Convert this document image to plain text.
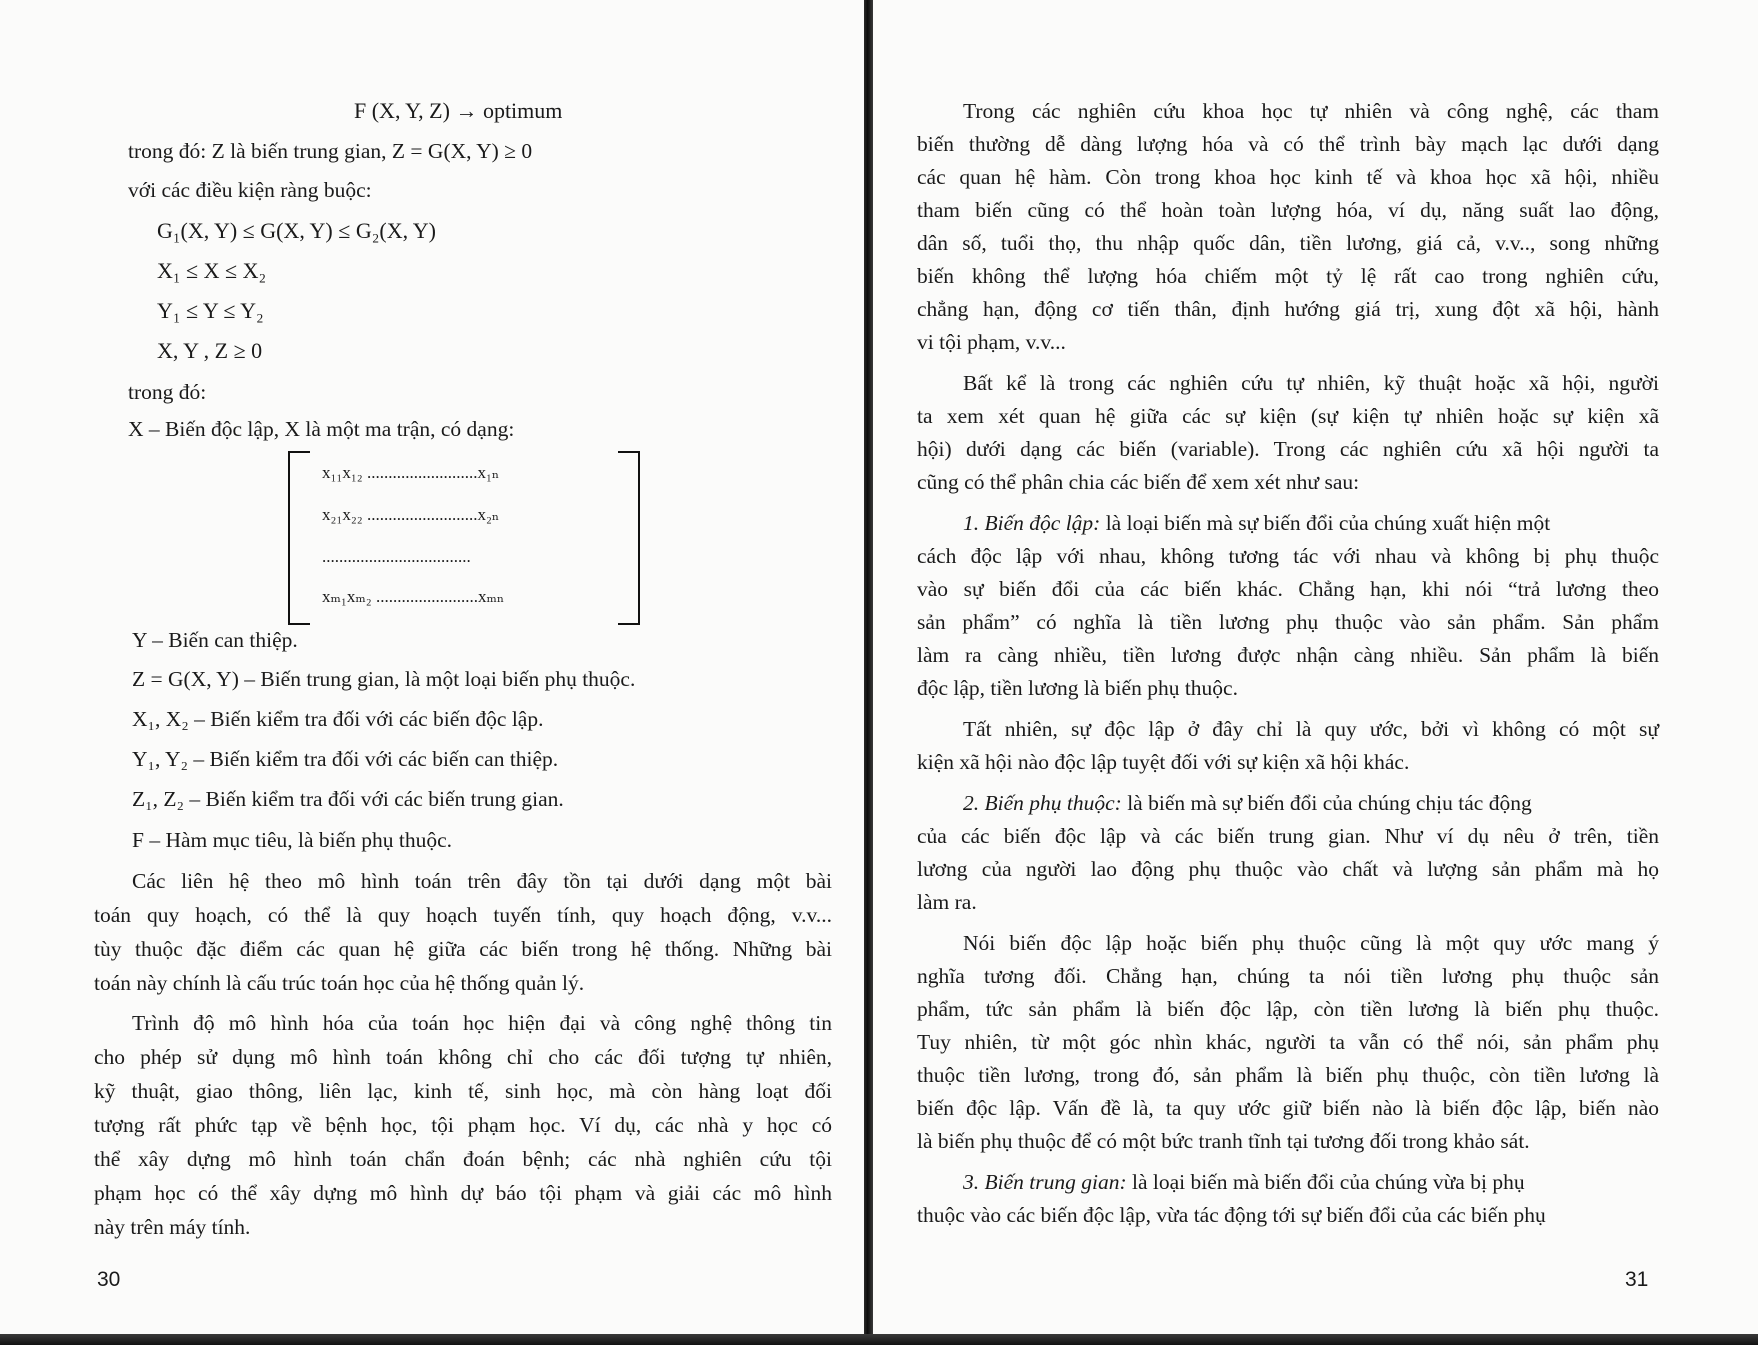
F (X, Y, Z) → optimum
trong đó: Z là biến trung gian, Z = G(X, Y) ≥ 0
với các điều kiện ràng buộc:
G₁(X, Y) ≤ G(X, Y) ≤ G₂(X, Y)
X₁ ≤ X ≤ X₂
Y₁ ≤ Y ≤ Y₂
X, Y , Z ≥ 0
trong đó:
X – Biến độc lập, X là một ma trận, có dạng:
x₁₁x₁₂ ..........................x₁ₙ
x₂₁x₂₂ ..........................x₂ₙ
...................................
xₘ₁xₘ₂ ........................xₘₙ
Y – Biến can thiệp.
Z = G(X, Y) – Biến trung gian, là một loại biến phụ thuộc.
X₁, X₂ – Biến kiểm tra đối với các biến độc lập.
Y₁, Y₂ – Biến kiểm tra đối với các biến can thiệp.
Z₁, Z₂ – Biến kiểm tra đối với các biến trung gian.
F – Hàm mục tiêu, là biến phụ thuộc.
Các liên hệ theo mô hình toán trên đây tồn tại dưới dạng một bài
toán quy hoạch, có thể là quy hoạch tuyến tính, quy hoạch động, v.v...
tùy thuộc đặc điểm các quan hệ giữa các biến trong hệ thống. Những bài
toán này chính là cấu trúc toán học của hệ thống quản lý.
Trình độ mô hình hóa của toán học hiện đại và công nghệ thông tin
cho phép sử dụng mô hình toán không chỉ cho các đối tượng tự nhiên,
kỹ thuật, giao thông, liên lạc, kinh tế, sinh học, mà còn hàng loạt đối
tượng rất phức tạp về bệnh học, tội phạm học. Ví dụ, các nhà y học có
thể xây dựng mô hình toán chẩn đoán bệnh; các nhà nghiên cứu tội
phạm học có thể xây dựng mô hình dự báo tội phạm và giải các mô hình
này trên máy tính.
30
Trong các nghiên cứu khoa học tự nhiên và công nghệ, các tham
biến thường dễ dàng lượng hóa và có thể trình bày mạch lạc dưới dạng
các quan hệ hàm. Còn trong khoa học kinh tế và khoa học xã hội, nhiều
tham biến cũng có thể hoàn toàn lượng hóa, ví dụ, năng suất lao động,
dân số, tuổi thọ, thu nhập quốc dân, tiền lương, giá cả, v.v.., song những
biến không thể lượng hóa chiếm một tỷ lệ rất cao trong nghiên cứu,
chẳng hạn, động cơ tiến thân, định hướng giá trị, xung đột xã hội, hành
vi tội phạm, v.v...
Bất kể là trong các nghiên cứu tự nhiên, kỹ thuật hoặc xã hội, người
ta xem xét quan hệ giữa các sự kiện (sự kiện tự nhiên hoặc sự kiện xã
hội) dưới dạng các biến (variable). Trong các nghiên cứu xã hội người ta
cũng có thể phân chia các biến để xem xét như sau:
1. Biến độc lập: là loại biến mà sự biến đổi của chúng xuất hiện một
cách độc lập với nhau, không tương tác với nhau và không bị phụ thuộc
vào sự biến đổi của các biến khác. Chẳng hạn, khi nói “trả lương theo
sản phẩm” có nghĩa là tiền lương phụ thuộc vào sản phẩm. Sản phẩm
làm ra càng nhiều, tiền lương được nhận càng nhiều. Sản phẩm là biến
độc lập, tiền lương là biến phụ thuộc.
Tất nhiên, sự độc lập ở đây chỉ là quy ước, bởi vì không có một sự
kiện xã hội nào độc lập tuyệt đối với sự kiện xã hội khác.
2. Biến phụ thuộc: là biến mà sự biến đổi của chúng chịu tác động
của các biến độc lập và các biến trung gian. Như ví dụ nêu ở trên, tiền
lương của người lao động phụ thuộc vào chất và lượng sản phẩm mà họ
làm ra.
Nói biến độc lập hoặc biến phụ thuộc cũng là một quy ước mang ý
nghĩa tương đối. Chẳng hạn, chúng ta nói tiền lương phụ thuộc sản
phẩm, tức sản phẩm là biến độc lập, còn tiền lương là biến phụ thuộc.
Tuy nhiên, từ một góc nhìn khác, người ta vẫn có thể nói, sản phẩm phụ
thuộc tiền lương, trong đó, sản phẩm là biến phụ thuộc, còn tiền lương là
biến độc lập. Vấn đề là, ta quy ước giữ biến nào là biến độc lập, biến nào
là biến phụ thuộc để có một bức tranh tĩnh tại tương đối trong khảo sát.
3. Biến trung gian: là loại biến mà biến đổi của chúng vừa bị phụ
thuộc vào các biến độc lập, vừa tác động tới sự biến đổi của các biến phụ
31
